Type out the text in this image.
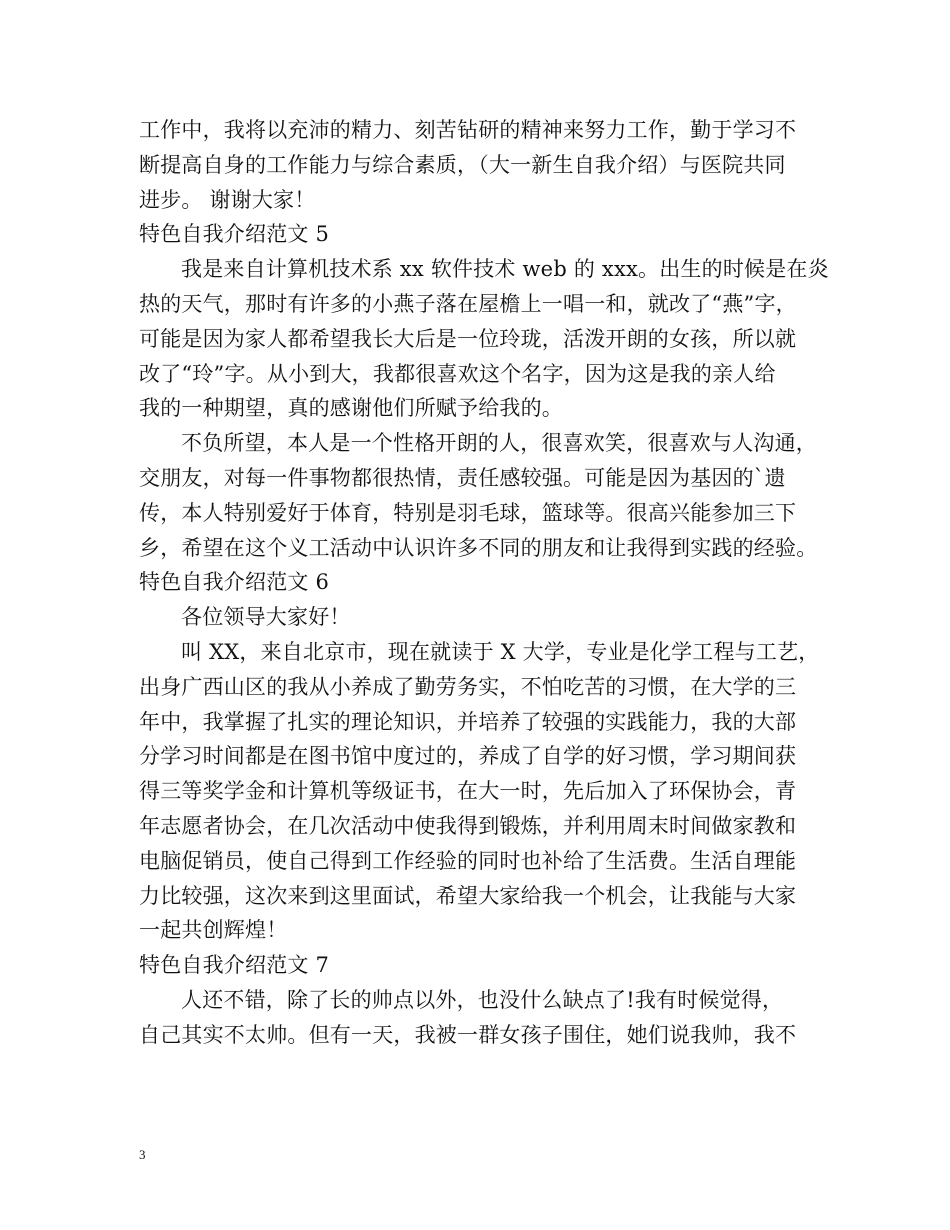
工作中，我将以充沛的精力、刻苦钻研的精神来努力工作，勤于学习不
断提高自身的工作能力与综合素质，（大一新生自我介绍）与医院共同
进步。 谢谢大家！
特色自我介绍范文 5
我是来自计算机技术系 xx 软件技术 web 的 xxx。出生的时候是在炎
热的天气，那时有许多的小燕子落在屋檐上一唱一和，就改了“燕”字，
可能是因为家人都希望我长大后是一位玲珑，活泼开朗的女孩，所以就
改了“玲”字。从小到大，我都很喜欢这个名字，因为这是我的亲人给
我的一种期望，真的感谢他们所赋予给我的。
不负所望，本人是一个性格开朗的人，很喜欢笑，很喜欢与人沟通，
交朋友，对每一件事物都很热情，责任感较强。可能是因为基因的`遗
传，本人特别爱好于体育，特别是羽毛球，篮球等。很高兴能参加三下
乡，希望在这个义工活动中认识许多不同的朋友和让我得到实践的经验。
特色自我介绍范文 6
各位领导大家好！
叫 XX，来自北京市，现在就读于 X 大学，专业是化学工程与工艺，
出身广西山区的我从小养成了勤劳务实，不怕吃苦的习惯，在大学的三
年中，我掌握了扎实的理论知识，并培养了较强的实践能力，我的大部
分学习时间都是在图书馆中度过的，养成了自学的好习惯，学习期间获
得三等奖学金和计算机等级证书，在大一时，先后加入了环保协会，青
年志愿者协会，在几次活动中使我得到锻炼，并利用周末时间做家教和
电脑促销员，使自己得到工作经验的同时也补给了生活费。生活自理能
力比较强，这次来到这里面试，希望大家给我一个机会，让我能与大家
一起共创辉煌！
特色自我介绍范文 7
人还不错，除了长的帅点以外，也没什么缺点了!我有时候觉得，
自己其实不太帅。但有一天，我被一群女孩子围住，她们说我帅，我不
3
